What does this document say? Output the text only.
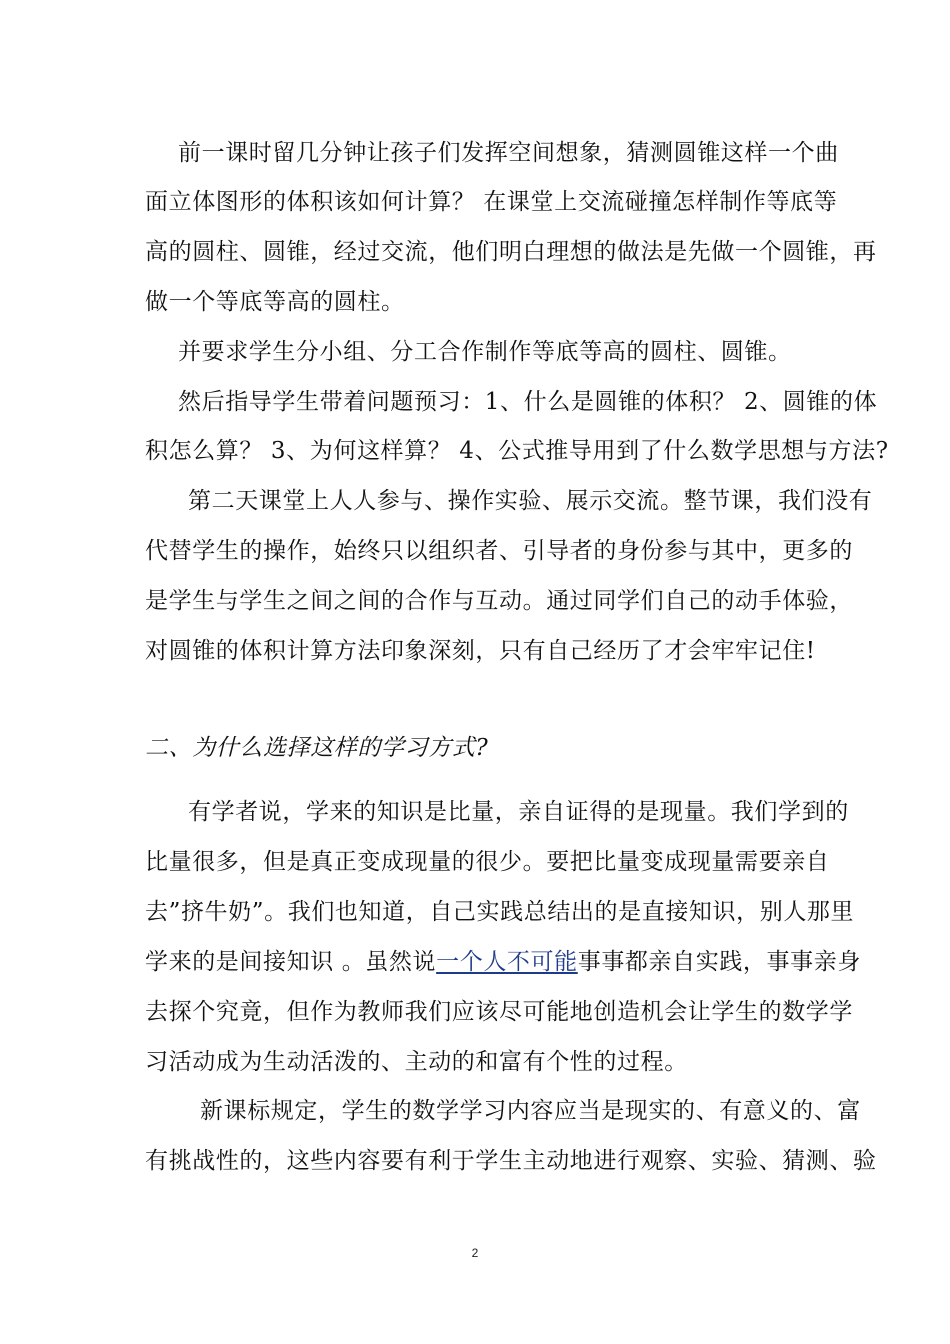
前一课时留几分钟让孩子们发挥空间想象，猜测圆锥这样一个曲
面立体图形的体积该如何计算？ 在课堂上交流碰撞怎样制作等底等
高的圆柱、圆锥，经过交流，他们明白理想的做法是先做一个圆锥，再
做一个等底等高的圆柱。
并要求学生分小组、分工合作制作等底等高的圆柱、圆锥。
然后指导学生带着问题预习：1、什么是圆锥的体积？ 2、圆锥的体
积怎么算？ 3、为何这样算？ 4、公式推导用到了什么数学思想与方法?
第二天课堂上人人参与、操作实验、展示交流。整节课，我们没有
代替学生的操作，始终只以组织者、引导者的身份参与其中，更多的
是学生与学生之间之间的合作与互动。通过同学们自己的动手体验，
对圆锥的体积计算方法印象深刻，只有自己经历了才会牢牢记住!
二、为什么选择这样的学习方式?
有学者说，学来的知识是比量，亲自证得的是现量。我们学到的
比量很多，但是真正变成现量的很少。要把比量变成现量需要亲自
去”挤牛奶”。我们也知道，自己实践总结出的是直接知识，别人那里
学来的是间接知识 。虽然说一个人不可能事事都亲自实践，事事亲身
去探个究竟，但作为教师我们应该尽可能地创造机会让学生的数学学
习活动成为生动活泼的、主动的和富有个性的过程。
新课标规定，学生的数学学习内容应当是现实的、有意义的、富
有挑战性的，这些内容要有利于学生主动地进行观察、实验、猜测、验
2
